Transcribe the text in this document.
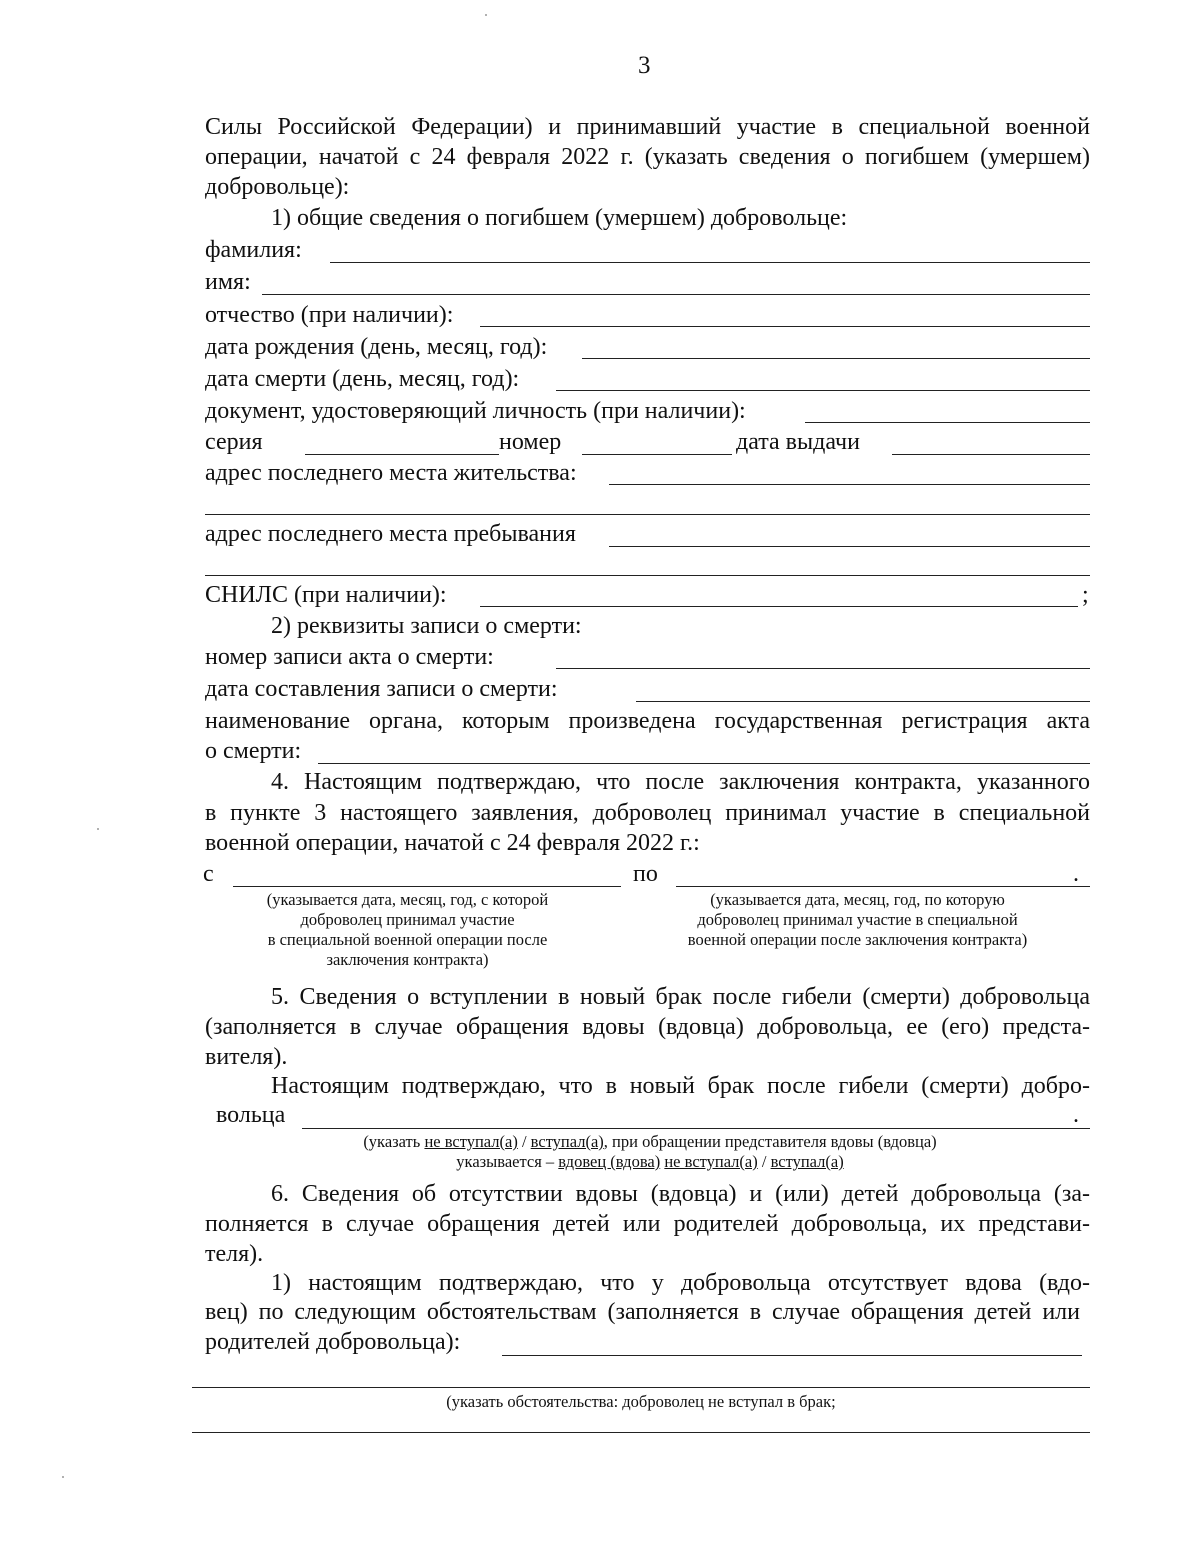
3
Силы Российской Федерации) и принимавший участие в специальной военной
операции, начатой с 24 февраля 2022 г. (указать сведения о погибшем (умершем)
добровольце):
1) общие сведения о погибшем (умершем) добровольце:
фамилия:
имя:
отчество (при наличии):
дата рождения (день, месяц, год):
дата смерти (день, месяц, год):
документ, удостоверяющий личность (при наличии):
серия	номер	дата выдачи
адрес последнего места жительства:
адрес последнего места пребывания
СНИЛС (при наличии):	;
2) реквизиты записи о смерти:
номер записи акта о смерти:
дата составления записи о смерти:
наименование органа, которым произведена государственная регистрация акта
о смерти:
4. Настоящим подтверждаю, что после заключения контракта, указанного
в пункте 3 настоящего заявления, доброволец принимал участие в специальной
военной операции, начатой с 24 февраля 2022 г.:
с	по	.
(указывается дата, месяц, год, с которой
доброволец принимал участие
в специальной военной операции после
заключения контракта)
(указывается дата, месяц, год, по которую
доброволец принимал участие в специальной
военной операции после заключения контракта)
5. Сведения о вступлении в новый брак после гибели (смерти) добровольца
(заполняется в случае обращения вдовы (вдовца) добровольца, ее (его) предста-
вителя).
Настоящим подтверждаю, что в новый брак после гибели (смерти) добро-
вольца	.
(указать не вступал(а) / вступал(а), при обращении представителя вдовы (вдовца)
указывается – вдовец (вдова) не вступал(а) / вступал(а)
6. Сведения об отсутствии вдовы (вдовца) и (или) детей добровольца (за-
полняется в случае обращения детей или родителей добровольца, их представи-
теля).
1) настоящим подтверждаю, что у добровольца отсутствует вдова (вдо-
вец) по следующим обстоятельствам (заполняется в случае обращения детей или
родителей добровольца):
(указать обстоятельства: доброволец не вступал в брак;
